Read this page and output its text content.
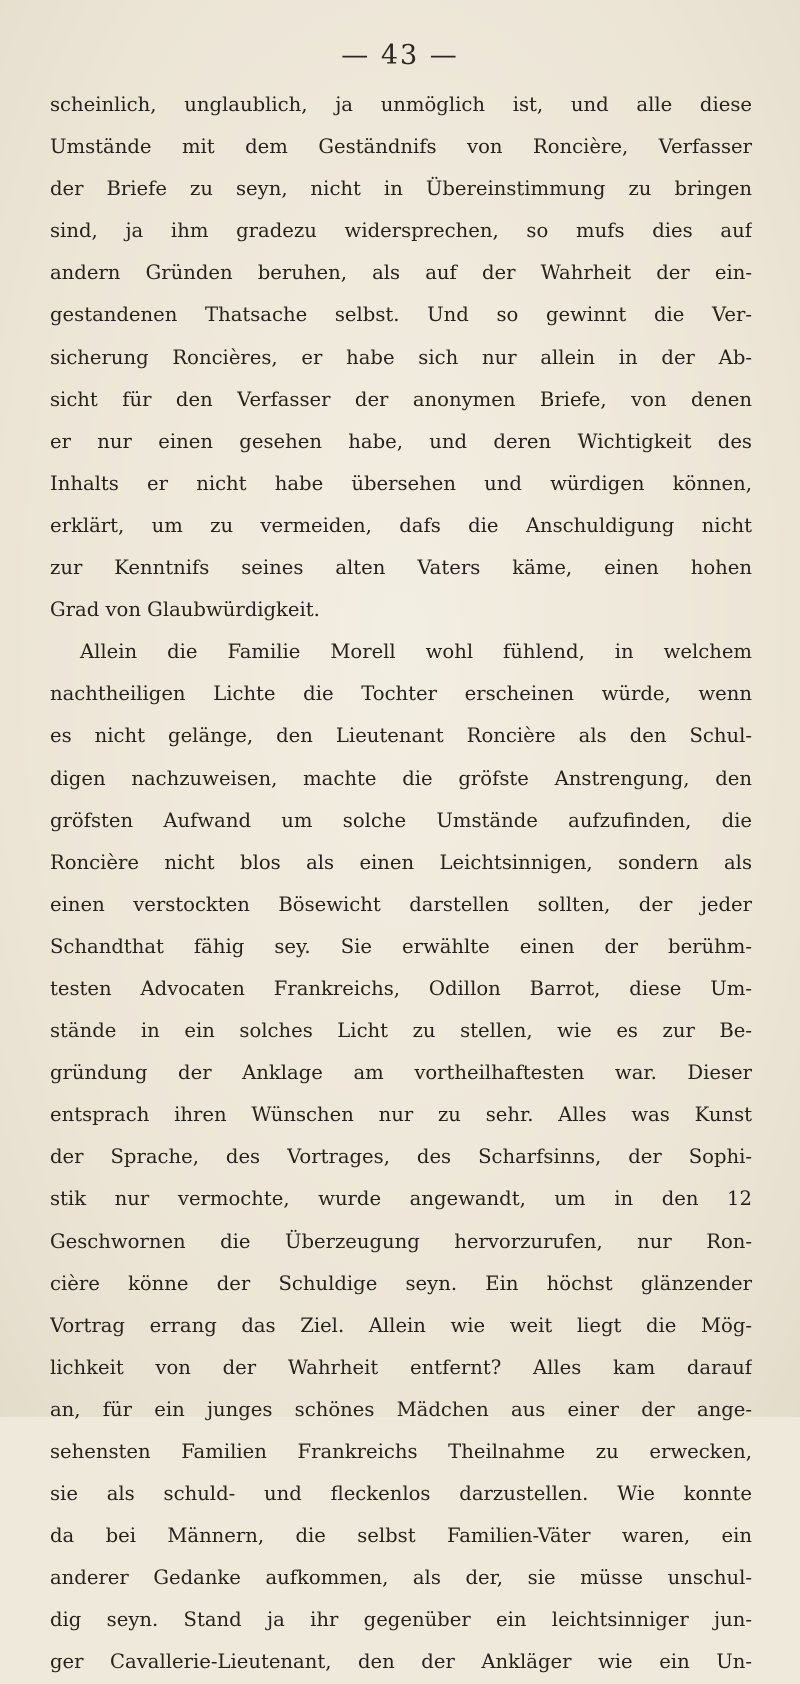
— 43 —
scheinlich, unglaublich, ja unmöglich ist, und alle diese
Umstände mit dem Geständnifs von Roncière, Verfasser
der Briefe zu seyn, nicht in Übereinstimmung zu bringen
sind, ja ihm gradezu widersprechen, so mufs dies auf
andern Gründen beruhen, als auf der Wahrheit der ein-
gestandenen Thatsache selbst. Und so gewinnt die Ver-
sicherung Roncières, er habe sich nur allein in der Ab-
sicht für den Verfasser der anonymen Briefe, von denen
er nur einen gesehen habe, und deren Wichtigkeit des
Inhalts er nicht habe übersehen und würdigen können,
erklärt, um zu vermeiden, dafs die Anschuldigung nicht
zur Kenntnifs seines alten Vaters käme, einen hohen
Grad von Glaubwürdigkeit.
Allein die Familie Morell wohl fühlend, in welchem
nachtheiligen Lichte die Tochter erscheinen würde, wenn
es nicht gelänge, den Lieutenant Roncière als den Schul-
digen nachzuweisen, machte die gröfste Anstrengung, den
gröfsten Aufwand um solche Umstände aufzufinden, die
Roncière nicht blos als einen Leichtsinnigen, sondern als
einen verstockten Bösewicht darstellen sollten, der jeder
Schandthat fähig sey. Sie erwählte einen der berühm-
testen Advocaten Frankreichs, Odillon Barrot, diese Um-
stände in ein solches Licht zu stellen, wie es zur Be-
gründung der Anklage am vortheilhaftesten war. Dieser
entsprach ihren Wünschen nur zu sehr. Alles was Kunst
der Sprache, des Vortrages, des Scharfsinns, der Sophi-
stik nur vermochte, wurde angewandt, um in den 12
Geschwornen die Überzeugung hervorzurufen, nur Ron-
cière könne der Schuldige seyn. Ein höchst glänzender
Vortrag errang das Ziel. Allein wie weit liegt die Mög-
lichkeit von der Wahrheit entfernt? Alles kam darauf
an, für ein junges schönes Mädchen aus einer der ange-
sehensten Familien Frankreichs Theilnahme zu erwecken,
sie als schuld- und fleckenlos darzustellen. Wie konnte
da bei Männern, die selbst Familien-Väter waren, ein
anderer Gedanke aufkommen, als der, sie müsse unschul-
dig seyn. Stand ja ihr gegenüber ein leichtsinniger jun-
ger Cavallerie-Lieutenant, den der Ankläger wie ein Un-
